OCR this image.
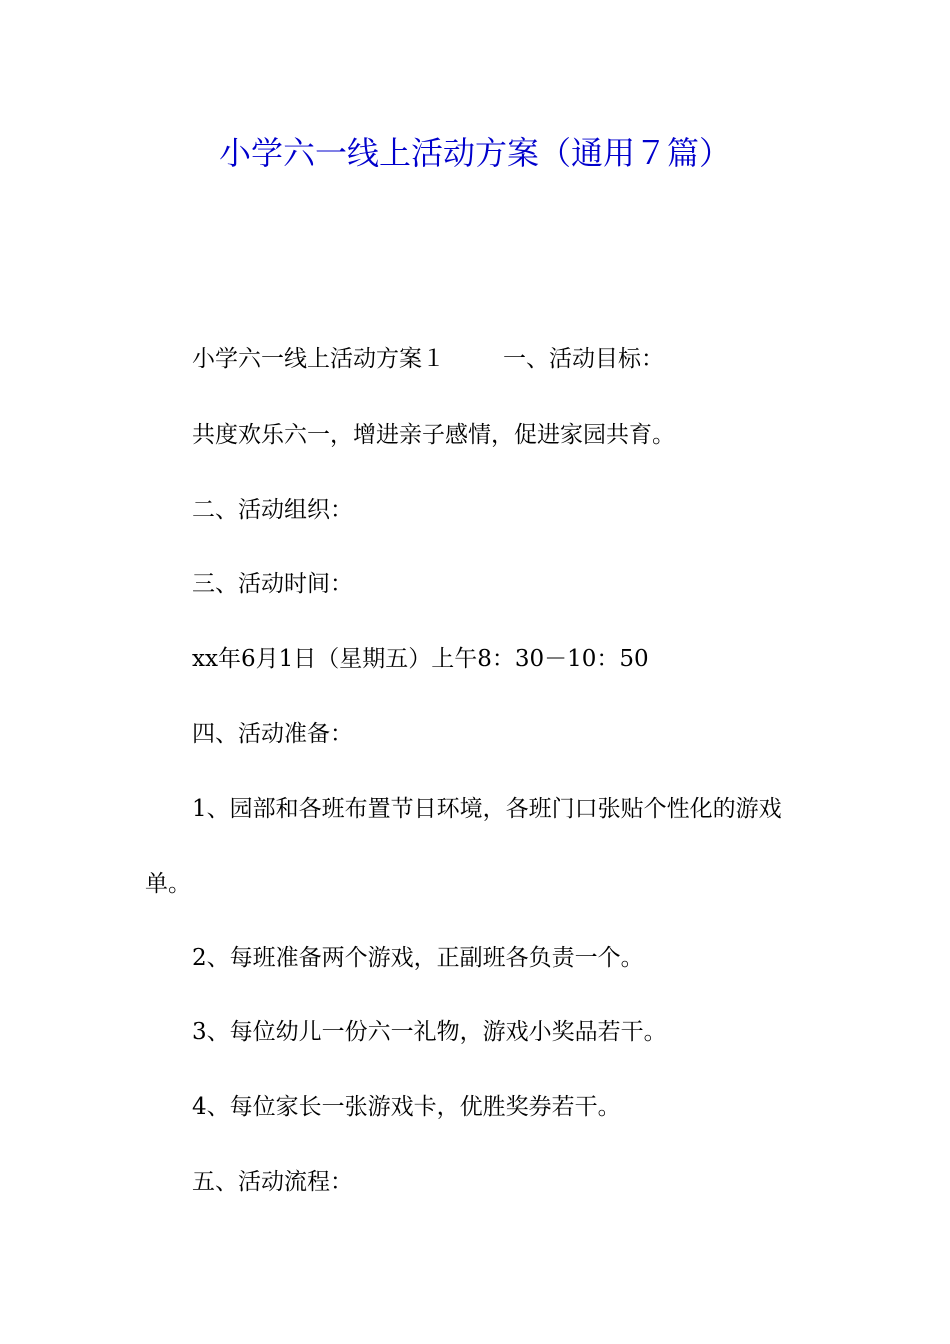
小学六一线上活动方案（通用７篇）

小学六一线上活动方案１	一、活动目标：

共度欢乐六一，增进亲子感情，促进家园共育。

二、活动组织：

三、活动时间：

xx年6月1日（星期五）上午8：30－10：50

四、活动准备：

1、园部和各班布置节日环境，各班门口张贴个性化的游戏

单。

2、每班准备两个游戏，正副班各负责一个。

3、每位幼儿一份六一礼物，游戏小奖品若干。

4、每位家长一张游戏卡，优胜奖券若干。

五、活动流程：
